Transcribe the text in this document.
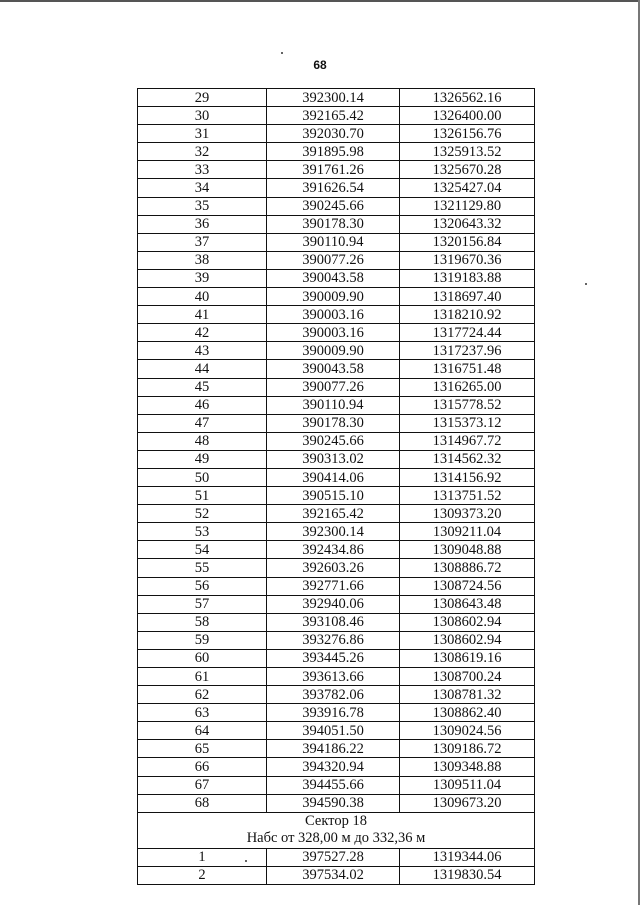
68
29	392300.14	1326562.16
30	392165.42	1326400.00
31	392030.70	1326156.76
32	391895.98	1325913.52
33	391761.26	1325670.28
34	391626.54	1325427.04
35	390245.66	1321129.80
36	390178.30	1320643.32
37	390110.94	1320156.84
38	390077.26	1319670.36
39	390043.58	1319183.88
40	390009.90	1318697.40
41	390003.16	1318210.92
42	390003.16	1317724.44
43	390009.90	1317237.96
44	390043.58	1316751.48
45	390077.26	1316265.00
46	390110.94	1315778.52
47	390178.30	1315373.12
48	390245.66	1314967.72
49	390313.02	1314562.32
50	390414.06	1314156.92
51	390515.10	1313751.52
52	392165.42	1309373.20
53	392300.14	1309211.04
54	392434.86	1309048.88
55	392603.26	1308886.72
56	392771.66	1308724.56
57	392940.06	1308643.48
58	393108.46	1308602.94
59	393276.86	1308602.94
60	393445.26	1308619.16
61	393613.66	1308700.24
62	393782.06	1308781.32
63	393916.78	1308862.40
64	394051.50	1309024.56
65	394186.22	1309186.72
66	394320.94	1309348.88
67	394455.66	1309511.04
68	394590.38	1309673.20

Сектор 18
Набс от 328,00 м до 332,36 м		

1	397527.28	1319344.06
2	397534.02	1319830.54
